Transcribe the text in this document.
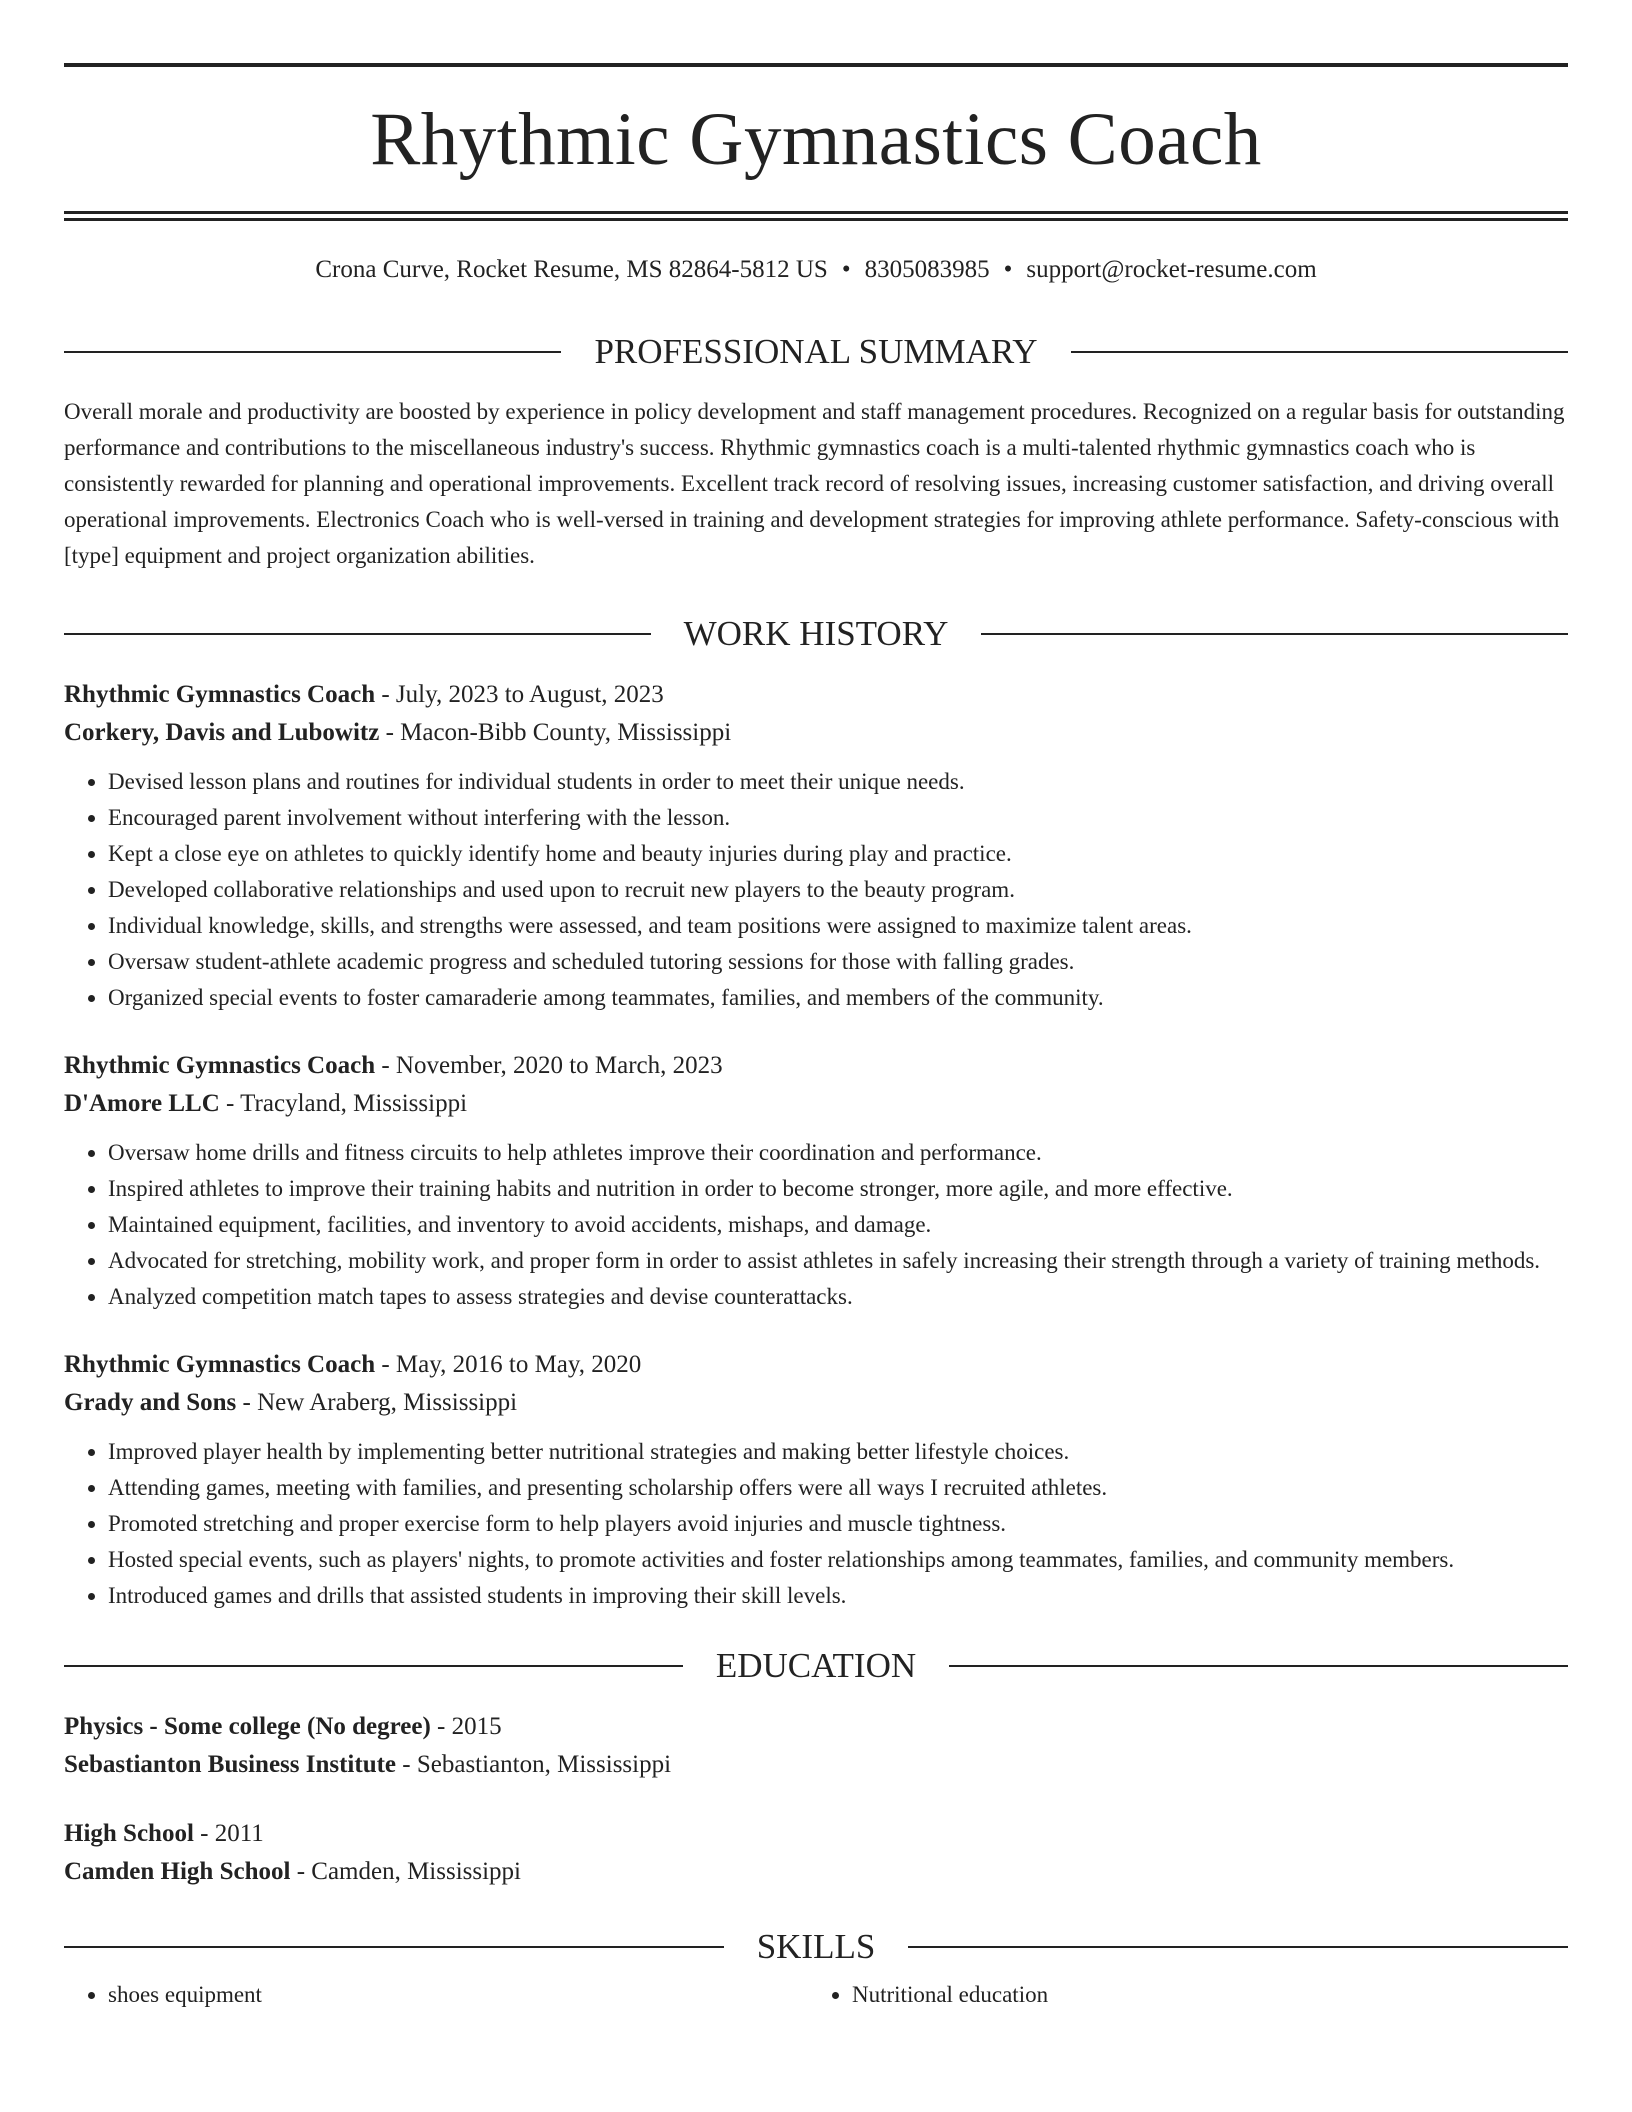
Rhythmic Gymnastics Coach
Crona Curve, Rocket Resume, MS 82864-5812 US • 8305083985 • support@rocket-resume.com
PROFESSIONAL SUMMARY
Overall morale and productivity are boosted by experience in policy development and staff management procedures. Recognized on a regular basis for outstanding performance and contributions to the miscellaneous industry's success. Rhythmic gymnastics coach is a multi-talented rhythmic gymnastics coach who is consistently rewarded for planning and operational improvements. Excellent track record of resolving issues, increasing customer satisfaction, and driving overall operational improvements. Electronics Coach who is well-versed in training and development strategies for improving athlete performance. Safety-conscious with [type] equipment and project organization abilities.
WORK HISTORY
Rhythmic Gymnastics Coach - July, 2023 to August, 2023
Corkery, Davis and Lubowitz - Macon-Bibb County, Mississippi
• Devised lesson plans and routines for individual students in order to meet their unique needs.
• Encouraged parent involvement without interfering with the lesson.
• Kept a close eye on athletes to quickly identify home and beauty injuries during play and practice.
• Developed collaborative relationships and used upon to recruit new players to the beauty program.
• Individual knowledge, skills, and strengths were assessed, and team positions were assigned to maximize talent areas.
• Oversaw student-athlete academic progress and scheduled tutoring sessions for those with falling grades.
• Organized special events to foster camaraderie among teammates, families, and members of the community.
Rhythmic Gymnastics Coach - November, 2020 to March, 2023
D'Amore LLC - Tracyland, Mississippi
• Oversaw home drills and fitness circuits to help athletes improve their coordination and performance.
• Inspired athletes to improve their training habits and nutrition in order to become stronger, more agile, and more effective.
• Maintained equipment, facilities, and inventory to avoid accidents, mishaps, and damage.
• Advocated for stretching, mobility work, and proper form in order to assist athletes in safely increasing their strength through a variety of training methods.
• Analyzed competition match tapes to assess strategies and devise counterattacks.
Rhythmic Gymnastics Coach - May, 2016 to May, 2020
Grady and Sons - New Araberg, Mississippi
• Improved player health by implementing better nutritional strategies and making better lifestyle choices.
• Attending games, meeting with families, and presenting scholarship offers were all ways I recruited athletes.
• Promoted stretching and proper exercise form to help players avoid injuries and muscle tightness.
• Hosted special events, such as players' nights, to promote activities and foster relationships among teammates, families, and community members.
• Introduced games and drills that assisted students in improving their skill levels.
EDUCATION
Physics - Some college (No degree) - 2015
Sebastianton Business Institute - Sebastianton, Mississippi
High School - 2011
Camden High School - Camden, Mississippi
SKILLS
• shoes equipment
•	Nutritional education
